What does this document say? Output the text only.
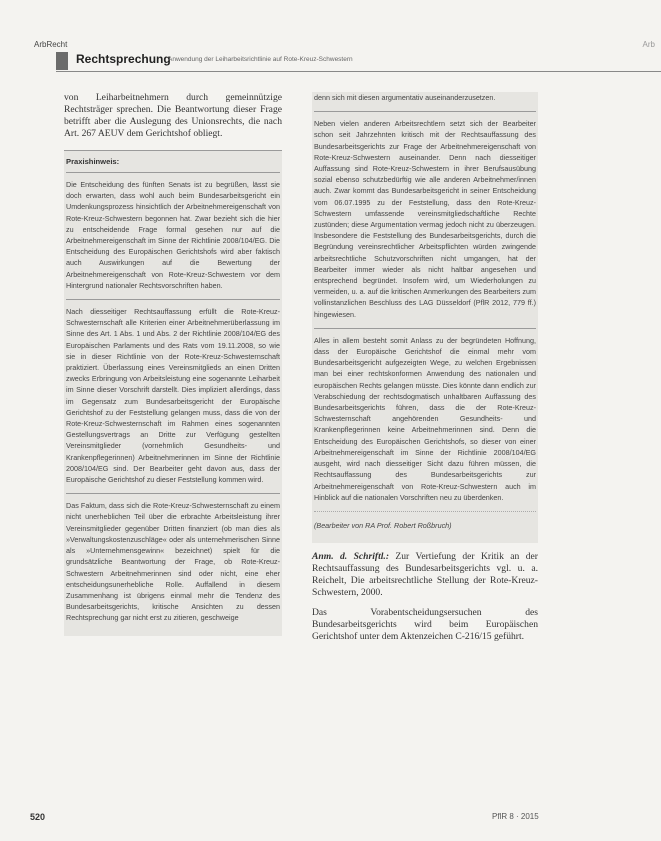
ArbRecht	Arb
Rechtsprechung
Anwendung der Leiharbeitsrichtlinie auf Rote-Kreuz-Schwestern

von Leiharbeitnehmern durch gemeinnützige Rechtsträger sprechen. Die Beantwortung dieser Frage betrifft aber die Auslegung des Unionsrechts, die nach Art. 267 AEUV dem Gerichtshof obliegt.

Praxishinweis:

Die Entscheidung des fünften Senats ist zu begrüßen, lässt sie doch erwarten, dass wohl auch beim Bundesarbeitsgericht ein Umdenkungsprozess hinsichtlich der Arbeitnehmereigenschaft von Rote-Kreuz-Schwestern begonnen hat. Zwar bezieht sich die hier zu entscheidende Frage formal gesehen nur auf die Arbeitnehmereigenschaft im Sinne der Richtlinie 2008/104/EG. Die Entscheidung des Europäischen Gerichtshofs wird aber faktisch auch Auswirkungen auf die Bewertung der Arbeitnehmereigenschaft von Rote-Kreuz-Schwestern vor dem Hintergrund nationaler Rechtsvorschriften haben.

Nach diesseitiger Rechtsauffassung erfüllt die Rote-Kreuz-Schwesternschaft alle Kriterien einer Arbeitnehmerüberlassung im Sinne des Art. 1 Abs. 1 und Abs. 2 der Richtlinie 2008/104/EG des Europäischen Parlaments und des Rats vom 19.11.2008, so wie sie in dieser Richtlinie von der Rote-Kreuz-Schwesternschaft praktiziert. Überlassung eines Vereinsmitglieds an einen Dritten zwecks Erbringung von Arbeitsleistung eine sogenannte Leiharbeit im Sinne dieser Vorschrift darstellt. Dies impliziert allerdings, dass im Gegensatz zum Bundesarbeitsgericht der Europäische Gerichtshof zu der Feststellung gelangen muss, dass die von der Rote-Kreuz-Schwesternschaft im Rahmen eines sogenannten Gestellungsvertrags an Dritte zur Verfügung gestellten Vereinsmitglieder (vornehmlich Gesundheits- und Krankenpflegerinnen) Arbeitnehmerinnen im Sinne der Richtlinie 2008/104/EG sind. Der Bearbeiter geht davon aus, dass der Europäische Gerichtshof zu dieser Feststellung kommen wird.

Das Faktum, dass sich die Rote-Kreuz-Schwesternschaft zu einem nicht unerheblichen Teil über die erbrachte Arbeitsleistung ihrer Vereinsmitglieder gegenüber Dritten finanziert (ob man dies als »Verwaltungskostenzuschläge« oder als unternehmerischen Sinne als »Unternehmensgewinn« bezeichnet) spielt für die grundsätzliche Beantwortung der Frage, ob Rote-Kreuz-Schwestern Arbeitnehmerinnen sind oder nicht, eine eher entscheidungsunerhebliche Rolle. Auffallend in diesem Zusammenhang ist übrigens einmal mehr die Tendenz des Bundesarbeitsgerichts, kritische Ansichten zu dessen Rechtsprechung gar nicht erst zu zitieren, geschweige

denn sich mit diesen argumentativ auseinanderzusetzen.

Neben vielen anderen Arbeitsrechtlern setzt sich der Bearbeiter schon seit Jahrzehnten kritisch mit der Rechtsauffassung des Bundesarbeitsgerichts zur Frage der Arbeitnehmereigenschaft von Rote-Kreuz-Schwestern auseinander. Denn nach diesseitiger Auffassung sind Rote-Kreuz-Schwestern in ihrer Berufsausübung sozial ebenso schutzbedürftig wie alle anderen Arbeitnehmer/innen auch. Zwar kommt das Bundesarbeitsgericht in seiner Entscheidung vom 06.07.1995 zu der Feststellung, dass den Rote-Kreuz-Schwestern umfassende vereinsmitgliedschaftliche Rechte zustünden; diese Argumentation vermag jedoch nicht zu überzeugen. Insbesondere die Feststellung des Bundesarbeitsgerichts, durch die Begründung vereinsrechtlicher Arbeitspflichten würden zwingende arbeitsrechtliche Schutzvorschriften nicht umgangen, hat der Bearbeiter immer wieder als nicht haltbar angesehen und entsprechend begründet. Insofern wird, um Wiederholungen zu vermeiden, u. a. auf die kritischen Anmerkungen des Bearbeiters zum vollinstanzlichen Beschluss des LAG Düsseldorf (PflR 2012, 779 ff.) hingewiesen.

Alles in allem besteht somit Anlass zu der begründeten Hoffnung, dass der Europäische Gerichtshof die einmal mehr vom Bundesarbeitsgericht aufgezeigten Wege, zu welchen Ergebnissen man bei einer rechtskonformen Anwendung des nationalen und europäischen Rechts gelangen müsste. Dies könnte dann endlich zur Verabschiedung der rechtsdogmatisch unhaltbaren Auffassung des Bundesarbeitsgerichts führen, dass die der Rote-Kreuz-Schwesternschaft angehörenden Gesundheits- und Krankenpflegerinnen keine Arbeitnehmerinnen sind. Denn die Entscheidung des Europäischen Gerichtshofs, so dieser von einer Arbeitnehmereigenschaft im Sinne der Richtlinie 2008/104/EG ausgeht, wird nach diesseitiger Sicht dazu führen müssen, die Rechtsauffassung des Bundesarbeitsgerichts zur Arbeitnehmereigenschaft von Rote-Kreuz-Schwestern auch im Hinblick auf die nationalen Vorschriften neu zu überdenken.

(Bearbeiter von RA Prof. Robert Roßbruch)

Anm. d. Schriftl.: Zur Vertiefung der Kritik an der Rechtsauffassung des Bundesarbeitsgerichts vgl. u. a. Reichelt, Die arbeitsrechtliche Stellung der Rote-Kreuz-Schwestern, 2000.

Das Vorabentscheidungsersuchen des Bundesarbeitsgerichts wird beim Europäischen Gerichtshof unter dem Aktenzeichen C-216/15 geführt.

520	PflR 8 · 2015
